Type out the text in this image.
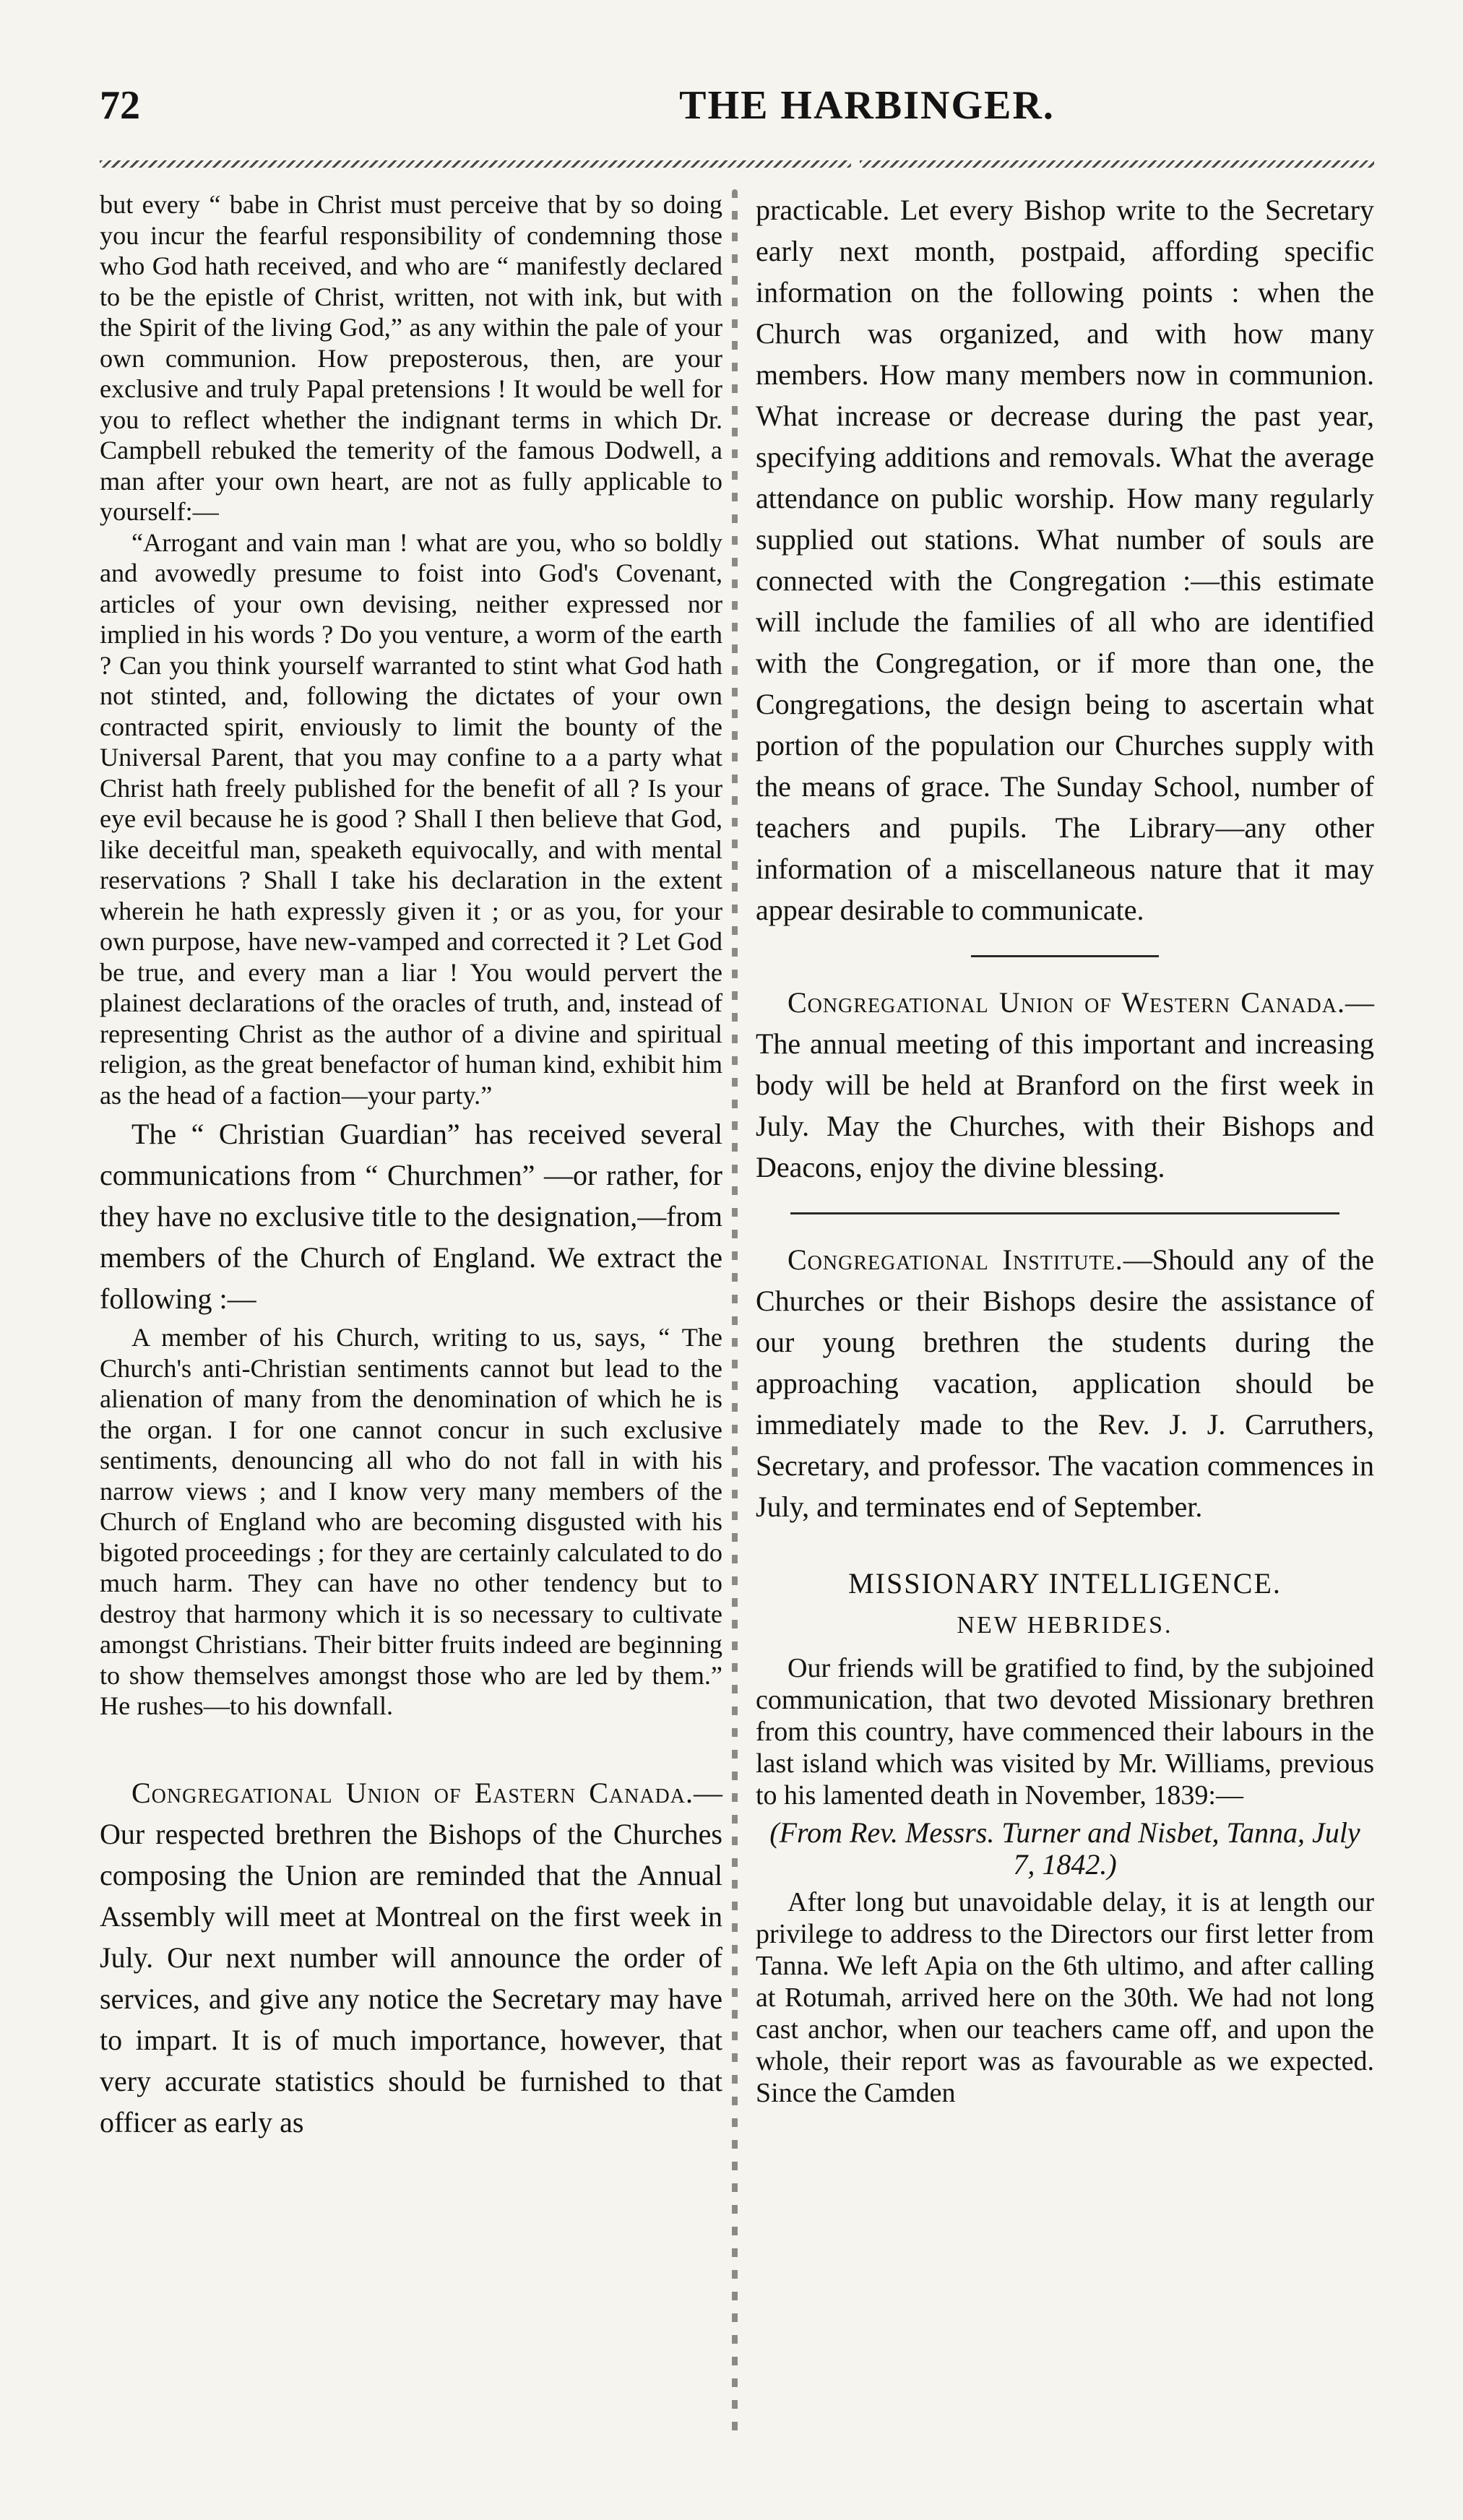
72	THE HARBINGER.

but every “ babe in Christ must perceive that by so doing you incur the fearful responsibility of condemning those who God hath received, and who are “ manifestly declared to be the epistle of Christ, written, not with ink, but with the Spirit of the living God,” as any within the pale of your own communion. How preposterous, then, are your exclusive and truly Papal pretensions ! It would be well for you to reflect whether the indignant terms in which Dr. Campbell rebuked the temerity of the famous Dodwell, a man after your own heart, are not as fully applicable to yourself:—

“Arrogant and vain man ! what are you, who so boldly and avowedly presume to foist into God's Covenant, articles of your own devising, neither expressed nor implied in his words ? Do you venture, a worm of the earth ? Can you think yourself warranted to stint what God hath not stinted, and, following the dictates of your own contracted spirit, enviously to limit the bounty of the Universal Parent, that you may confine to a a party what Christ hath freely published for the benefit of all ? Is your eye evil because he is good ? Shall I then believe that God, like deceitful man, speaketh equivocally, and with mental reservations ? Shall I take his declaration in the extent wherein he hath expressly given it ; or as you, for your own purpose, have new-vamped and corrected it ? Let God be true, and every man a liar ! You would pervert the plainest declarations of the oracles of truth, and, instead of representing Christ as the author of a divine and spiritual religion, as the great benefactor of human kind, exhibit him as the head of a faction—your party.”

The “ Christian Guardian” has received several communications from “ Churchmen” —or rather, for they have no exclusive title to the designation,—from members of the Church of England. We extract the following :—

A member of his Church, writing to us, says, “ The Church's anti-Christian sentiments cannot but lead to the alienation of many from the denomination of which he is the organ. I for one cannot concur in such exclusive sentiments, denouncing all who do not fall in with his narrow views ; and I know very many members of the Church of England who are becoming disgusted with his bigoted proceedings ; for they are certainly calculated to do much harm. They can have no other tendency but to destroy that harmony which it is so necessary to cultivate amongst Christians. Their bitter fruits indeed are beginning to show themselves amongst those who are led by them.” He rushes—to his downfall.

Congregational Union of Eastern Canada.—Our respected brethren the Bishops of the Churches composing the Union are reminded that the Annual Assembly will meet at Montreal on the first week in July. Our next number will announce the order of services, and give any notice the Secretary may have to impart. It is of much importance, however, that very accurate statistics should be furnished to that officer as early as

practicable. Let every Bishop write to the Secretary early next month, postpaid, affording specific information on the following points : when the Church was organized, and with how many members. How many members now in communion. What increase or decrease during the past year, specifying additions and removals. What the average attendance on public worship. How many regularly supplied out stations. What number of souls are connected with the Congregation :—this estimate will include the families of all who are identified with the Congregation, or if more than one, the Congregations, the design being to ascertain what portion of the population our Churches supply with the means of grace. The Sunday School, number of teachers and pupils. The Library—any other information of a miscellaneous nature that it may appear desirable to communicate.

Congregational Union of Western Canada.—The annual meeting of this important and increasing body will be held at Branford on the first week in July. May the Churches, with their Bishops and Deacons, enjoy the divine blessing.

Congregational Institute.—Should any of the Churches or their Bishops desire the assistance of our young brethren the students during the approaching vacation, application should be immediately made to the Rev. J. J. Carruthers, Secretary, and professor. The vacation commences in July, and terminates end of September.

MISSIONARY INTELLIGENCE.
NEW HEBRIDES.

Our friends will be gratified to find, by the subjoined communication, that two devoted Missionary brethren from this country, have commenced their labours in the last island which was visited by Mr. Williams, previous to his lamented death in November, 1839:—

(From Rev. Messrs. Turner and Nisbet, Tanna, July 7, 1842.)

After long but unavoidable delay, it is at length our privilege to address to the Directors our first letter from Tanna. We left Apia on the 6th ultimo, and after calling at Rotumah, arrived here on the 30th. We had not long cast anchor, when our teachers came off, and upon the whole, their report was as favourable as we expected. Since the Camden
